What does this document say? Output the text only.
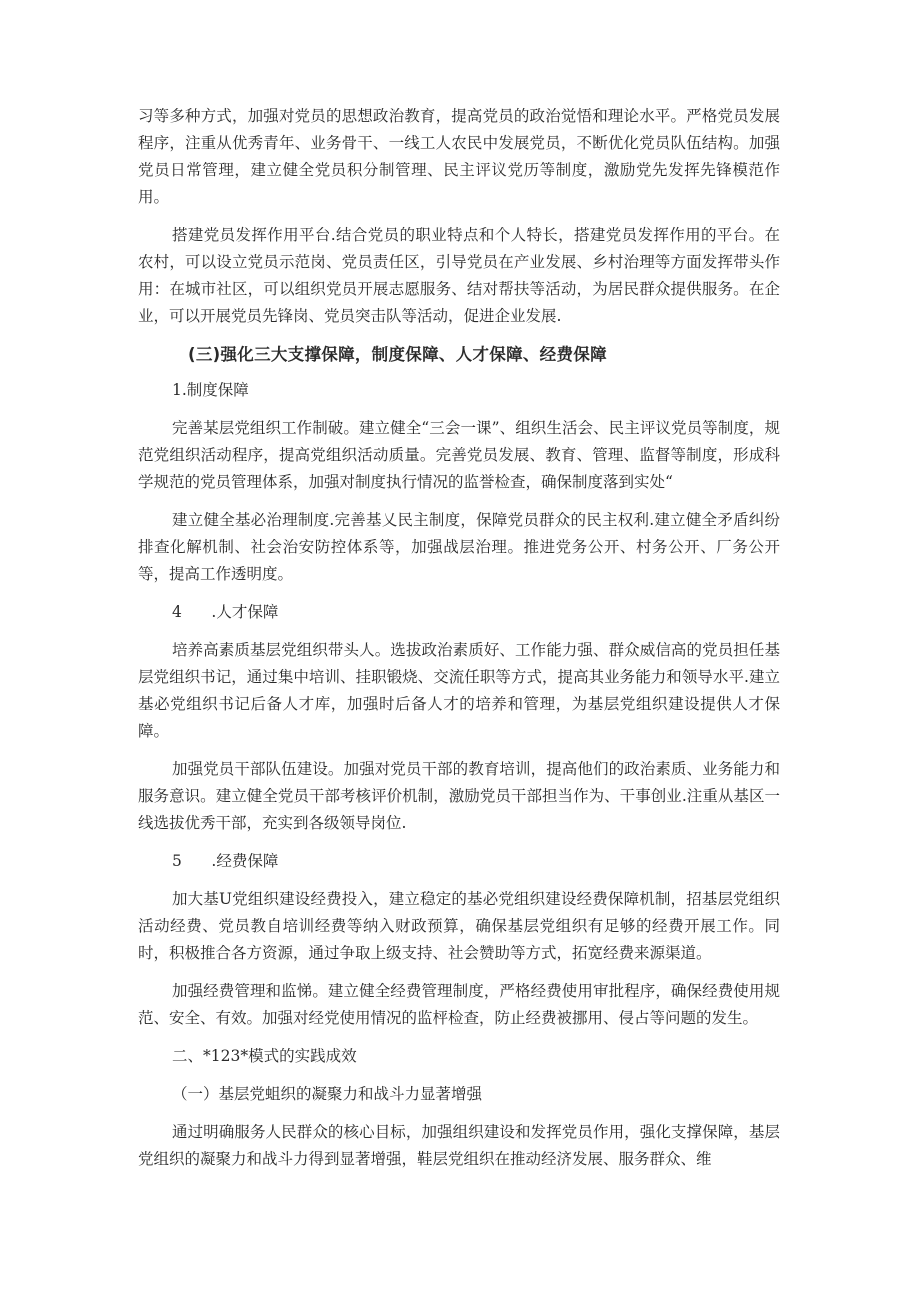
习等多种方式，加强对党员的思想政治教育，提高党员的政治觉悟和理论水平。严格党员发展程序，注重从优秀青年、业务骨干、一线工人农民中发展党员，不断优化党员队伍结构。加强党员日常管理，建立健全党员积分制管理、民主评议党历等制度，激励党先发挥先锋模范作用。

搭建党员发挥作用平台.结合党员的职业特点和个人特长，搭建党员发挥作用的平台。在农村，可以设立党员示范岗、党员责任区，引导党员在产业发展、乡村治理等方面发挥带头作用：在城市社区，可以组织党员开展志愿服务、结对帮扶等活动，为居民群众提供服务。在企业，可以开展党员先锋岗、党员突击队等活动，促进企业发展.

(三)强化三大支撑保障，制度保障、人才保障、经费保障

1.制度保障

完善某层党组织工作制破。建立健全“三会一课”、组织生活会、民主评议党员等制度，规范党组织活动程序，提高党组织活动质量。完善党员发展、教育、管理、监督等制度，形成科学规范的党员管理体系，加强对制度执行情况的监誉检查，确保制度落到实处“

建立健全基必治理制度.完善基乂民主制度，保障党员群众的民主权利.建立健全矛盾纠纷排查化解机制、社会治安防控体系等，加强战层治理。推进党务公开、村务公开、厂务公开等，提高工作透明度。

4      .人才保障

培养高素质基层党组织带头人。选拔政治素质好、工作能力强、群众威信高的党员担任基层党组织书记，通过集中培训、挂职锻烧、交流任职等方式，提高其业务能力和领导水平.建立基必党组织书记后备人才库，加强时后备人才的培养和管理，为基层党组织建设提供人才保障。

加强党员干部队伍建设。加强对党员干部的教育培训，提高他们的政治素质、业务能力和服务意识。建立健全党员干部考核评价机制，激励党员干部担当作为、干事创业.注重从基区一线选拔优秀干部，充实到各级领导岗位.

5      .经费保障

加大基U党组织建设经费投入，建立稳定的基必党组织建设经费保障机制，招基层党组织活动经费、党员教自培训经费等纳入财政预算，确保基层党组织有足够的经费开展工作。同时，积极推合各方资源，通过争取上级支持、社会赞助等方式，拓宽经费来源渠道。

加强经费管理和监悌。建立健全经费管理制度，严格经费使用审批程序，确保经费使用规范、安全、有效。加强对经党使用情况的监枰检查，防止经费被挪用、侵占等问题的发生。

二、*123*模式的实践成效

（一）基层党蛆织的凝聚力和战斗力显著增强

通过明确服务人民群众的核心目标，加强组织建设和发挥党员作用，强化支撑保障，基层党组织的凝聚力和战斗力得到显著增强，鞋层党组织在推动经济发展、服务群众、维
